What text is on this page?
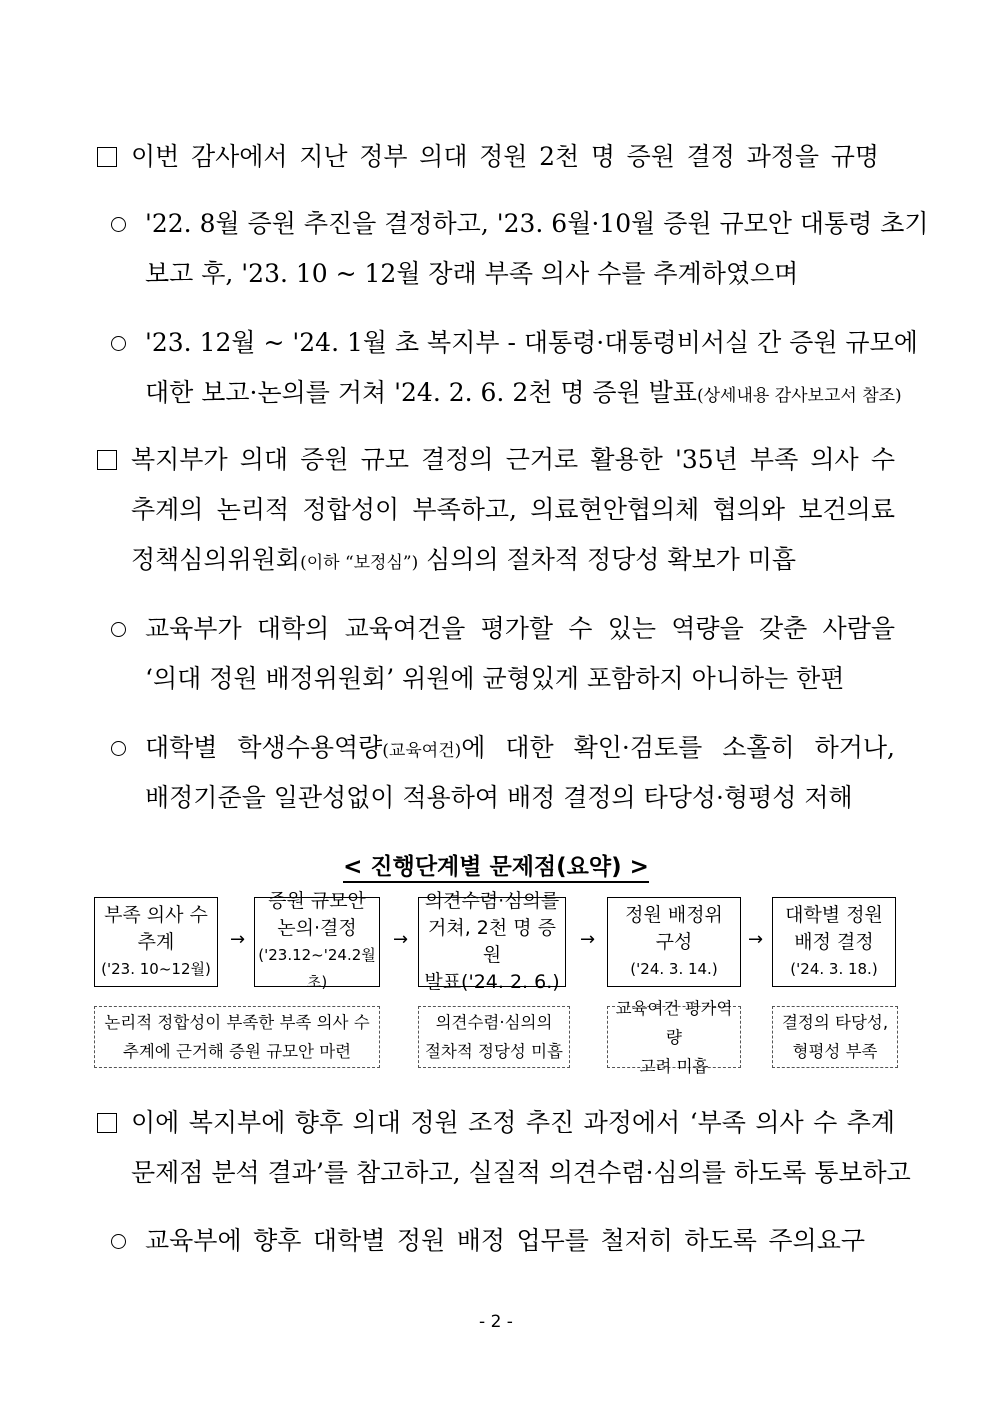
이번 감사에서 지난 정부 의대 정원 2천 명 증원 결정 과정을 규명
'22. 8월 증원 추진을 결정하고, '23. 6월·10월 증원 규모안 대통령 초기
보고 후, '23. 10 ~ 12월 장래 부족 의사 수를 추계하였으며
'23. 12월 ~ '24. 1월 초 복지부 - 대통령·대통령비서실 간 증원 규모에
대한 보고·논의를 거쳐 '24. 2. 6. 2천 명 증원 발표(상세내용 감사보고서 참조)
복지부가 의대 증원 규모 결정의 근거로 활용한 '35년 부족 의사 수
추계의 논리적 정합성이 부족하고, 의료현안협의체 협의와 보건의료
정책심의위원회(이하 “보정심”) 심의의 절차적 정당성 확보가 미흡
교육부가 대학의 교육여건을 평가할 수 있는 역량을 갖춘 사람을
‘의대 정원 배정위원회’ 위원에 균형있게 포함하지 아니하는 한편
대학별 학생수용역량(교육여건)에 대한 확인·검토를 소홀히 하거나,
배정기준을 일관성없이 적용하여 배정 결정의 타당성·형평성 저해
< 진행단계별 문제점(요약) >
부족 의사 수
추계
('23. 10~12월)
→
증원 규모안
논의·결정
('23.12~'24.2월초)
→
의견수렴·심의를
거쳐, 2천 명 증원
발표('24. 2. 6.)
→
정원 배정위
구성
('24. 3. 14.)
→
대학별 정원
배정 결정
('24. 3. 18.)
논리적 정합성이 부족한 부족 의사 수
추계에 근거해 증원 규모안 마련
의견수렴·심의의
절차적 정당성 미흡
교육여건 평가역량
고려 미흡
결정의 타당성,
형평성 부족
이에 복지부에 향후 의대 정원 조정 추진 과정에서 ‘부족 의사 수 추계
문제점 분석 결과’를 참고하고, 실질적 의견수렴·심의를 하도록 통보하고
교육부에 향후 대학별 정원 배정 업무를 철저히 하도록 주의요구
- 2 -
